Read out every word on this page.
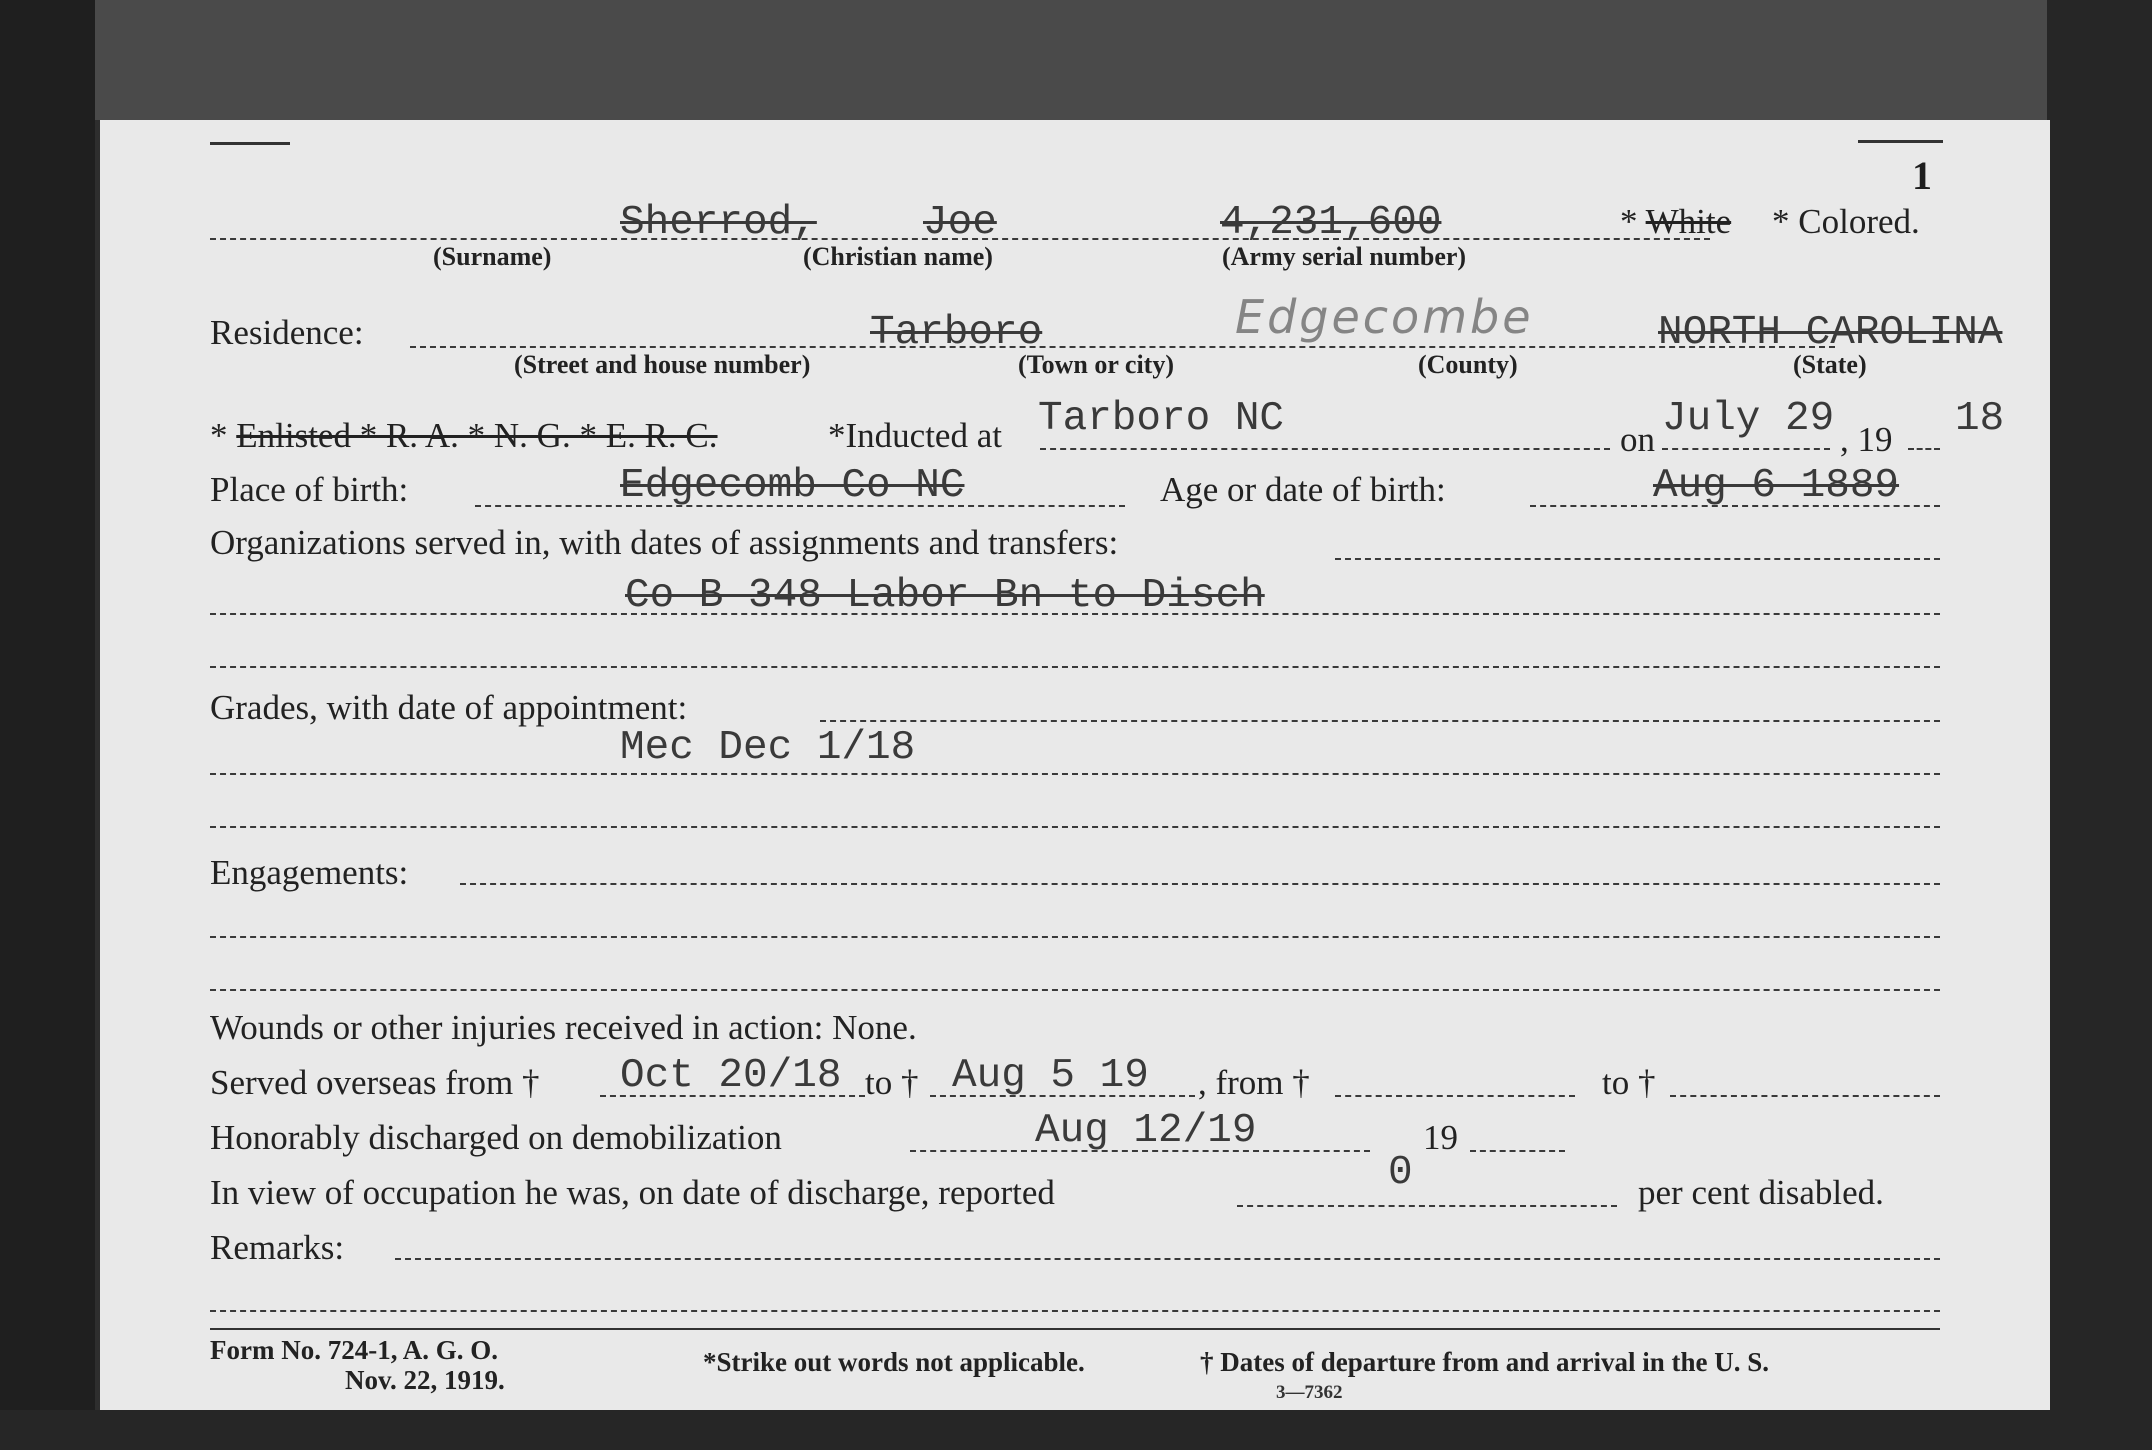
1
Sherrod,	Joe	4,231,600	* White * Colored.
(Surname)	(Christian name)	(Army serial number)
Residence:	Tarboro	Edgecombe	NORTH CAROLINA
(Street and house number)	(Town or city)	(County)	(State)
* Enlisted * R. A. * N. G. * E. R. C.	*Inducted at Tarboro NC	on July 29 , 19 18
Place of birth:	Edgecomb Co NC	Age or date of birth:	Aug 6 1889
Organizations served in, with dates of assignments and transfers:
Co B 348 Labor Bn to Disch
Grades, with date of appointment:
Mec Dec 1/18
Engagements:
Wounds or other injuries received in action: None.
Served overseas from † Oct 20/18 to † Aug 5 19 , from †	to †
Honorably discharged on demobilization	Aug 12/19	19
In view of occupation he was, on date of discharge, reported	0	per cent disabled.
Remarks:
Form No. 724-1, A. G. O.
Nov. 22, 1919.
*Strike out words not applicable.	† Dates of departure from and arrival in the U. S.
3—7362
